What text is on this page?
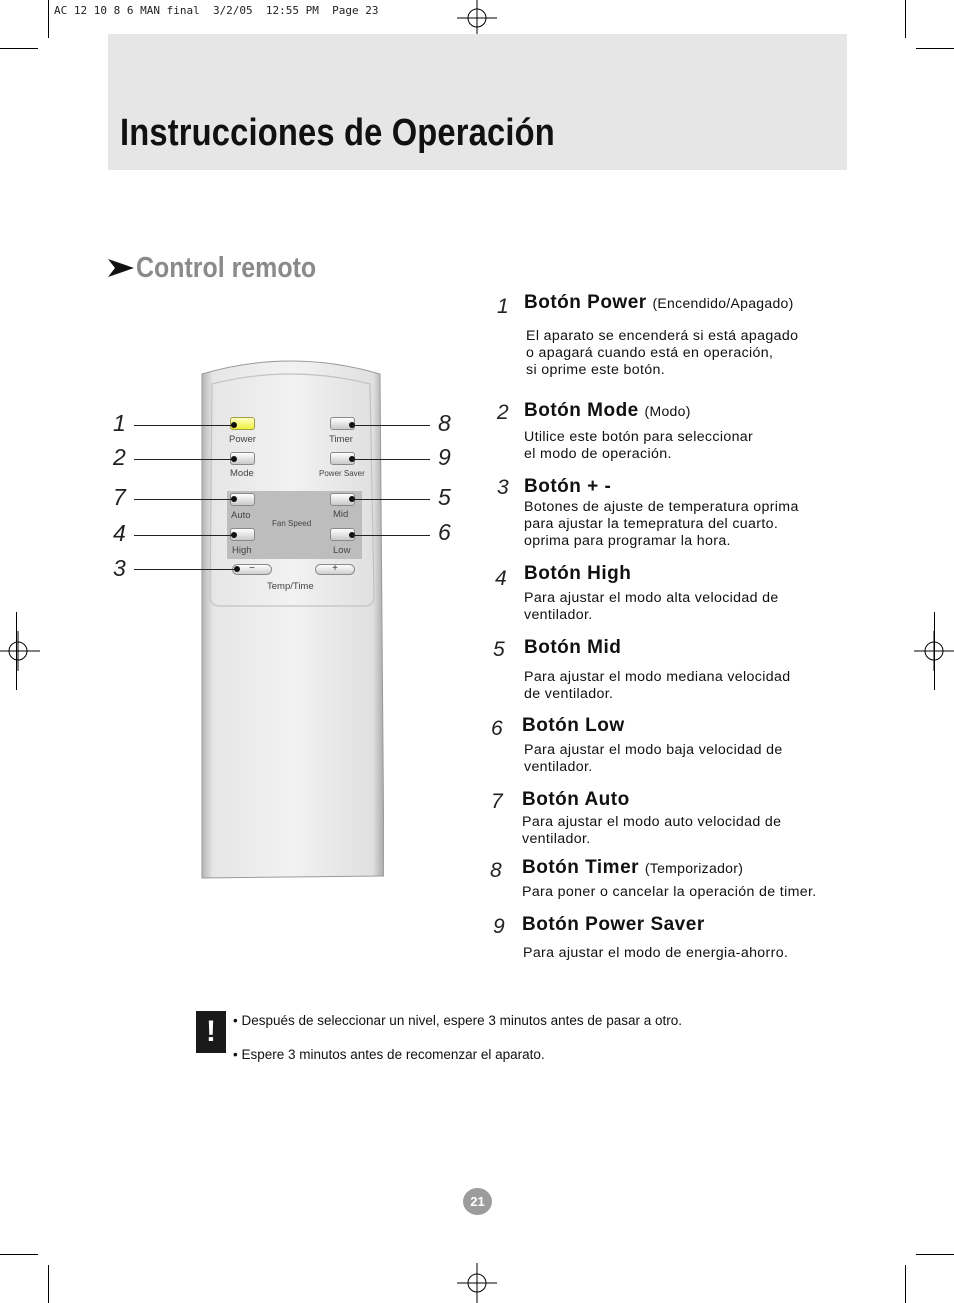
AC 12 10 8 6 MAN final  3/2/05  12:55 PM  Page 23
Instrucciones de Operación
Control remoto
Power	Timer
Mode	Power Saver
Auto	Mid
Fan Speed
High	Low
−	+
Temp/Time
1
2
7
4
3
8
9
5
6
1 Botón Power (Encendido/Apagado)
El aparato se encenderá si está apagado
o apagará cuando está en operación,
si oprime este botón.
2 Botón Mode (Modo)
Utilice este botón para seleccionar
el modo de operación.
3 Botón + -
Botones de ajuste de temperatura oprima
para ajustar la temepratura del cuarto.
oprima para programar la hora.
4 Botón High
Para ajustar el modo alta velocidad de
ventilador.
5 Botón Mid
Para ajustar el modo mediana velocidad
de ventilador.
6 Botón Low
Para ajustar el modo baja velocidad de
ventilador.
7 Botón Auto
Para ajustar el modo auto velocidad de
ventilador.
8 Botón Timer (Temporizador)
Para poner o cancelar la operación de timer.
9 Botón Power Saver
Para ajustar el modo de energia-ahorro.
!	• Después de seleccionar un nivel, espere 3 minutos antes de pasar a otro.
• Espere 3 minutos antes de recomenzar el aparato.
21
